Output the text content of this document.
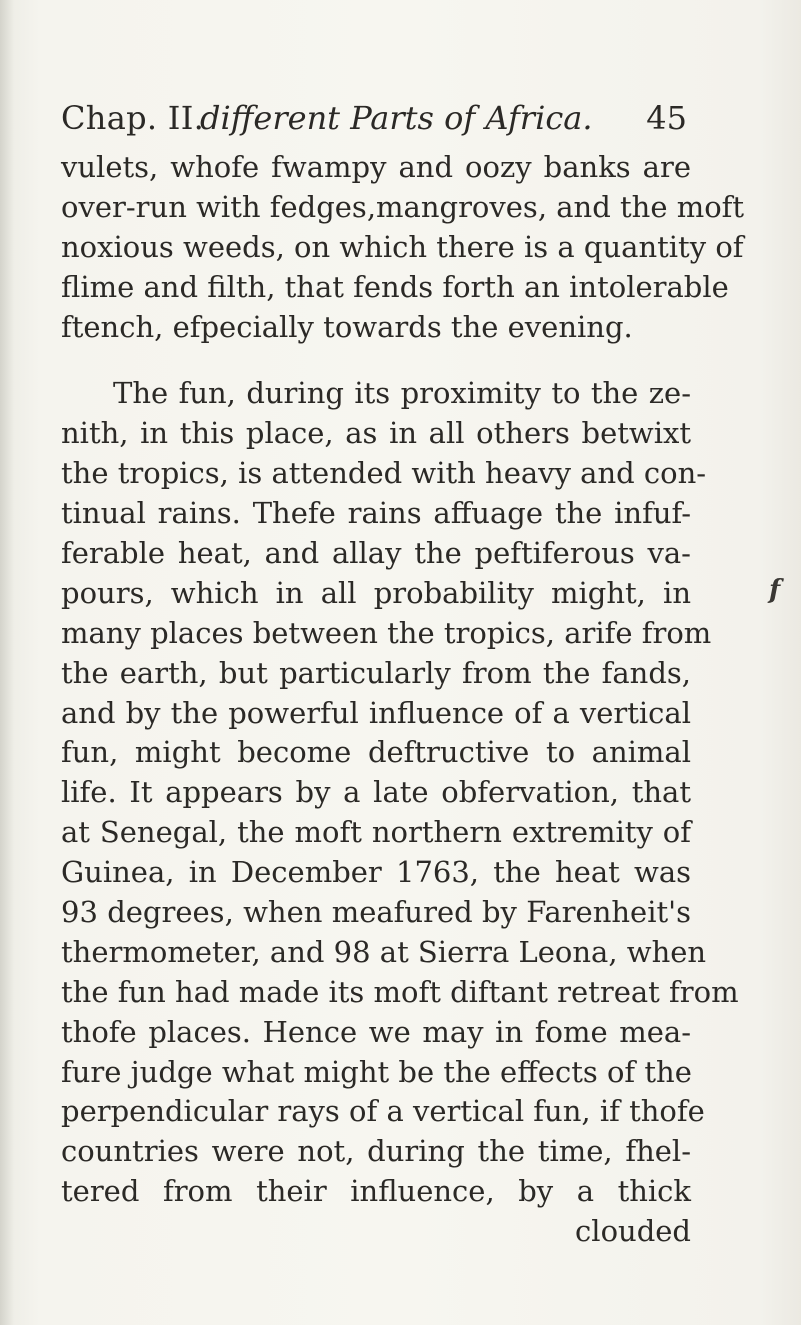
Chap. II.
different Parts of Africa. 45
vulets, whofe fwampy and oozy banks are
over-run with fedges,mangroves, and the moft
noxious weeds, on which there is a quantity of
flime and filth, that fends forth an intolerable
ftench, efpecially towards the evening.
The fun, during its proximity to the ze-
nith, in this place, as in all others betwixt
the tropics, is attended with heavy and con-
tinual rains. Thefe rains affuage the infuf-
ferable heat, and allay the peftiferous va-
pours, which in all probability might, in
many places between the tropics, arife from
the earth, but particularly from the fands,
and by the powerful influence of a vertical
fun, might become deftructive to animal
life. It appears by a late obfervation, that
at Senegal, the moft northern extremity of
Guinea, in December 1763, the heat was
93 degrees, when meafured by Farenheit's
thermometer, and 98 at Sierra Leona, when
the fun had made its moft diftant retreat from
thofe places. Hence we may in fome mea-
fure judge what might be the effects of the
perpendicular rays of a vertical fun, if thofe
countries were not, during the time, fhel-
tered from their influence, by a thick
clouded
f
